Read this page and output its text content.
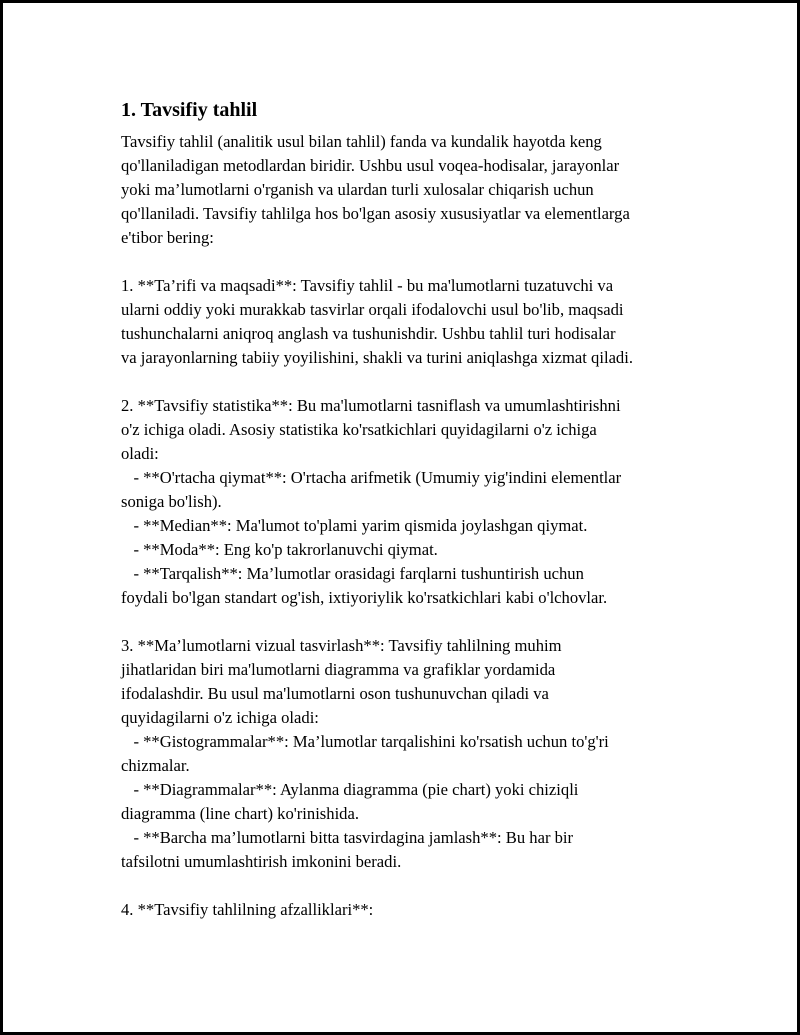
1. Tavsifiy tahlil

Tavsifiy tahlil (analitik usul bilan tahlil) fanda va kundalik hayotda keng
qo'llaniladigan metodlardan biridir. Ushbu usul voqea-hodisalar, jarayonlar
yoki ma’lumotlarni o'rganish va ulardan turli xulosalar chiqarish uchun
qo'llaniladi. Tavsifiy tahlilga hos bo'lgan asosiy xususiyatlar va elementlarga
e'tibor bering:

1. **Ta’rifi va maqsadi**: Tavsifiy tahlil - bu ma'lumotlarni tuzatuvchi va
ularni oddiy yoki murakkab tasvirlar orqali ifodalovchi usul bo'lib, maqsadi
tushunchalarni aniqroq anglash va tushunishdir. Ushbu tahlil turi hodisalar
va jarayonlarning tabiiy yoyilishini, shakli va turini aniqlashga xizmat qiladi.

2. **Tavsifiy statistika**: Bu ma'lumotlarni tasniflash va umumlashtirishni
o'z ichiga oladi. Asosiy statistika ko'rsatkichlari quyidagilarni o'z ichiga
oladi:
- **O'rtacha qiymat**: O'rtacha arifmetik (Umumiy yig'indini elementlar
soniga bo'lish).
- **Median**: Ma'lumot to'plami yarim qismida joylashgan qiymat.
- **Moda**: Eng ko'p takrorlanuvchi qiymat.
- **Tarqalish**: Ma’lumotlar orasidagi farqlarni tushuntirish uchun
foydali bo'lgan standart og'ish, ixtiyoriylik ko'rsatkichlari kabi o'lchovlar.

3. **Ma’lumotlarni vizual tasvirlash**: Tavsifiy tahlilning muhim
jihatlaridan biri ma'lumotlarni diagramma va grafiklar yordamida
ifodalashdir. Bu usul ma'lumotlarni oson tushunuvchan qiladi va
quyidagilarni o'z ichiga oladi:
- **Gistogrammalar**: Ma’lumotlar tarqalishini ko'rsatish uchun to'g'ri
chizmalar.
- **Diagrammalar**: Aylanma diagramma (pie chart) yoki chiziqli
diagramma (line chart) ko'rinishida.
- **Barcha ma’lumotlarni bitta tasvirdagina jamlash**: Bu har bir
tafsilotni umumlashtirish imkonini beradi.

4. **Tavsifiy tahlilning afzalliklari**:
